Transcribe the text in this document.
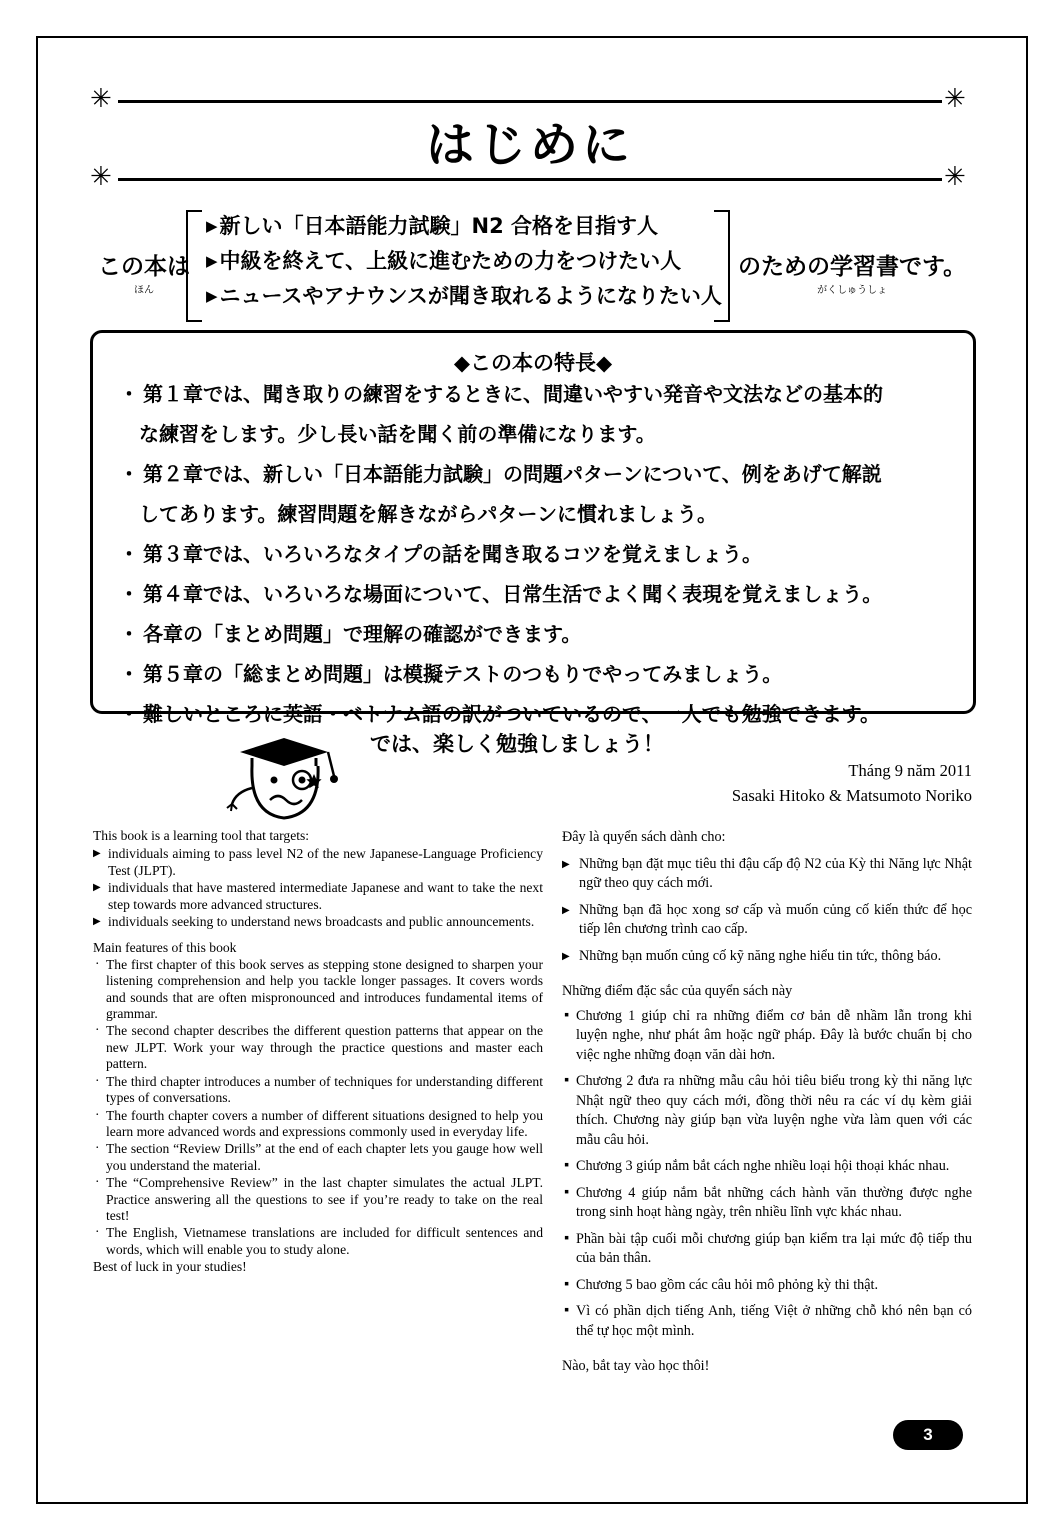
✳	✳
✳	✳
はじめに
この本は
ほん
▶新しい「日本語能力試験」N2 合格を目指す人
▶中級を終えて、上級に進むための力をつけたい人
▶ニュースやアナウンスが聞き取れるようになりたい人
のための学習書です。
がくしゅうしょ
◆この本の特長◆
・ 第１章では、聞き取りの練習をするときに、間違いやすい発音や文法などの基本的
な練習をします。少し長い話を聞く前の準備になります。
・ 第２章では、新しい「日本語能力試験」の問題パターンについて、例をあげて解説
してあります。練習問題を解きながらパターンに慣れましょう。
・ 第３章では、いろいろなタイプの話を聞き取るコツを覚えましょう。
・ 第４章では、いろいろな場面について、日常生活でよく聞く表現を覚えましょう。
・ 各章の「まとめ問題」で理解の確認ができます。
・ 第５章の「総まとめ問題」は模擬テストのつもりでやってみましょう。
・ 難しいところに英語・ベトナム語の訳がついているので、一人でも勉強できます。
では、楽しく勉強しましょう！
Tháng 9 năm 2011
Sasaki Hitoko & Matsumoto Noriko
This book is a learning tool that targets:
▶ individuals aiming to pass level N2 of the new Japanese-Language Proficiency Test (JLPT).
▶ individuals that have mastered intermediate Japanese and want to take the next step towards more advanced structures.
▶ individuals seeking to understand news broadcasts and public announcements.
Main features of this book
· The first chapter of this book serves as stepping stone designed to sharpen your listening comprehension and help you tackle longer passages. It covers words and sounds that are often mispronounced and introduces fundamental items of grammar.
· The second chapter describes the different question patterns that appear on the new JLPT. Work your way through the practice questions and master each pattern.
· The third chapter introduces a number of techniques for understanding different types of conversations.
· The fourth chapter covers a number of different situations designed to help you learn more advanced words and expressions commonly used in everyday life.
· The section “Review Drills” at the end of each chapter lets you gauge how well you understand the material.
· The “Comprehensive Review” in the last chapter simulates the actual JLPT. Practice answering all the questions to see if you’re ready to take on the real test!
· The English, Vietnamese translations are included for difficult sentences and words, which will enable you to study alone.
Best of luck in your studies!
Đây là quyển sách dành cho:
▶ Những bạn đặt mục tiêu thi đậu cấp độ N2 của Kỳ thi Năng lực Nhật ngữ theo quy cách mới.
▶ Những bạn đã học xong sơ cấp và muốn củng cố kiến thức để học tiếp lên chương trình cao cấp.
▶ Những bạn muốn củng cố kỹ năng nghe hiểu tin tức, thông báo.
Những điểm đặc sắc của quyển sách này
▪ Chương 1 giúp chỉ ra những điểm cơ bản dễ nhầm lẫn trong khi luyện nghe, như phát âm hoặc ngữ pháp. Đây là bước chuẩn bị cho việc nghe những đoạn văn dài hơn.
▪ Chương 2 đưa ra những mẫu câu hỏi tiêu biểu trong kỳ thi năng lực Nhật ngữ theo quy cách mới, đồng thời nêu ra các ví dụ kèm giải thích. Chương này giúp bạn vừa luyện nghe vừa làm quen với các mẫu câu hỏi.
▪ Chương 3 giúp nắm bắt cách nghe nhiều loại hội thoại khác nhau.
▪ Chương 4 giúp nắm bắt những cách hành văn thường được nghe trong sinh hoạt hàng ngày, trên nhiều lĩnh vực khác nhau.
▪ Phần bài tập cuối mỗi chương giúp bạn kiểm tra lại mức độ tiếp thu của bản thân.
▪ Chương 5 bao gồm các câu hỏi mô phỏng kỳ thi thật.
▪ Vì có phần dịch tiếng Anh, tiếng Việt ở những chỗ khó nên bạn có thể tự học một mình.
Nào, bắt tay vào học thôi!
3
